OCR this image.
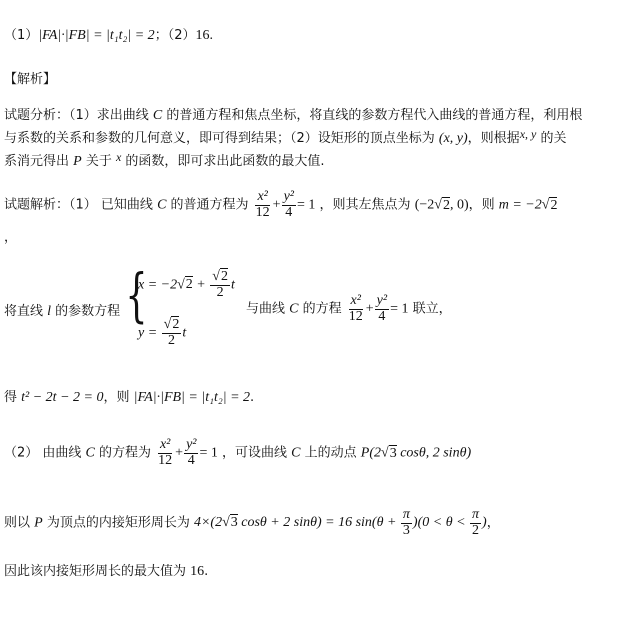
（1）|FA|·|FB| = |t₁t₂| = 2；（2）16.
【解析】
试题分析：（1）求出曲线 C 的普通方程和焦点坐标，将直线的参数方程代入曲线的普通方程，利用根
与系数的关系和参数的几何意义，即可得到结果；（2）设矩形的顶点坐标为 (x, y)，则根据x, y 的关
系消元得出 P 关于 x 的函数，即可求出此函数的最大值.
试题解析：（1） 已知曲线 C 的普通方程为 $\frac{\text{x²}}{12} + \frac{\text{y²}}{4} = 1$ ，则其左焦点为 (−2√2, 0)，则 m = −2√2
，
将直线 l 的参数方程 {
$x = -2√2 + \frac{√2}{2}$ t
$y = \frac{√2}{2}$ t
与曲线 C 的方程 $\frac{\text{x²}}{12} + \frac{\text{y²}}{4} = 1$ 联立，
得 t² − 2t − 2 = 0，则 |FA|·|FB| = |t₁t₂| = 2.
（2） 由曲线 C 的方程为 $\frac{\text{x²}}{12} + \frac{\text{y²}}{4} = 1$ ，可设曲线 C 上的动点 P(2√3 cosθ, 2 sinθ)
则以 P 为顶点的内接矩形周长为 4×(2√3 cosθ + 2 sinθ) = 16 $\sin(\theta + \frac{\pi}{3} )(0 < \theta < \frac{\pi}{2}$ )，
因此该内接矩形周长的最大值为 16.
